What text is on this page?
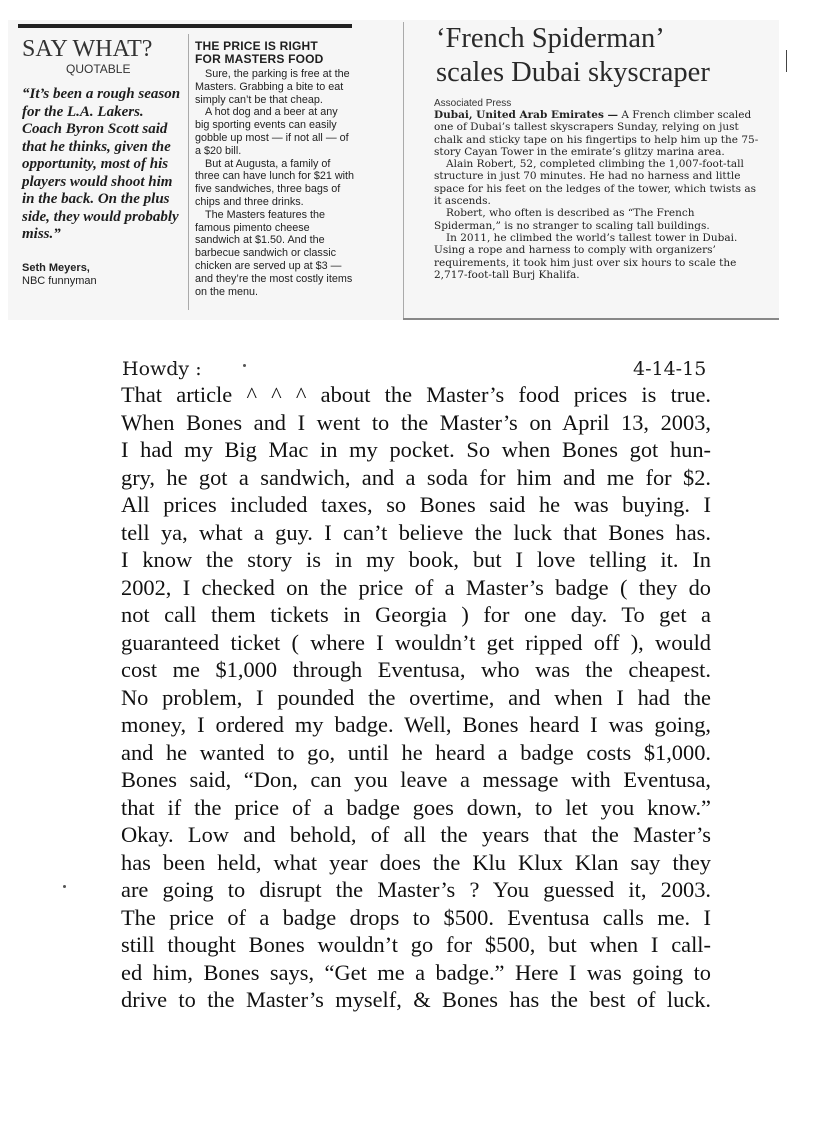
SAY WHAT?

QUOTABLE

“It’s been a rough season for the L.A. Lakers. Coach Byron Scott said that he thinks, given the opportunity, most of his players would shoot him in the back. On the plus side, they would probably miss.”

Seth Meyers,
NBC funnyman
THE PRICE IS RIGHT
FOR MASTERS FOOD

Sure, the parking is free at the Masters. Grabbing a bite to eat simply can’t be that cheap.

A hot dog and a beer at any big sporting events can easily gobble up most — if not all — of a $20 bill.

But at Augusta, a family of three can have lunch for $21 with five sandwiches, three bags of chips and three drinks.

The Masters features the famous pimento cheese sandwich at $1.50. And the barbecue sandwich or classic chicken are served up at $3 — and they’re the most costly items on the menu.

‘French Spiderman’
scales Dubai skyscraper
Associated Press

Dubai, United Arab Emirates — A French climber scaled one of Dubai’s tallest skyscrapers Sunday, relying on just chalk and sticky tape on his fingertips to help him up the 75-story Cayan Tower in the emirate’s glitzy marina area.

Alain Robert, 52, completed climbing the 1,007-foot-tall structure in just 70 minutes. He had no harness and little space for his feet on the ledges of the tower, which twists as it ascends.

Robert, who often is described as “The French Spiderman,” is no stranger to scaling tall buildings.

In 2011, he climbed the world’s tallest tower in Dubai. Using a rope and harness to comply with organizers’ requirements, it took him just over six hours to scale the 2,717-foot-tall Burj Khalifa.

Howdy :	4-14-15
That article ^ ^ ^ about the Master’s food prices is true.
When Bones and I went to the Master’s on April 13, 2003,
I had my Big Mac in my pocket. So when Bones got hun-
gry, he got a sandwich, and a soda for him and me for $2.
All prices included taxes, so Bones said he was buying. I
tell ya, what a guy. I can’t believe the luck that Bones has.
I know the story is in my book, but I love telling it. In
2002, I checked on the price of a Master’s badge ( they do
not call them tickets in Georgia ) for one day. To get a
guaranteed ticket ( where I wouldn’t get ripped off ), would
cost me $1,000 through Eventusa, who was the cheapest.
No problem, I pounded the overtime, and when I had the
money, I ordered my badge. Well, Bones heard I was going,
and he wanted to go, until he heard a badge costs $1,000.
Bones said, “Don, can you leave a message with Eventusa,
that if the price of a badge goes down, to let you know.”
Okay. Low and behold, of all the years that the Master’s
has been held, what year does the Klu Klux Klan say they
are going to disrupt the Master’s ? You guessed it, 2003.
The price of a badge drops to $500. Eventusa calls me. I
still thought Bones wouldn’t go for $500, but when I call-
ed him, Bones says, “Get me a badge.” Here I was going to
drive to the Master’s myself, & Bones has the best of luck.
